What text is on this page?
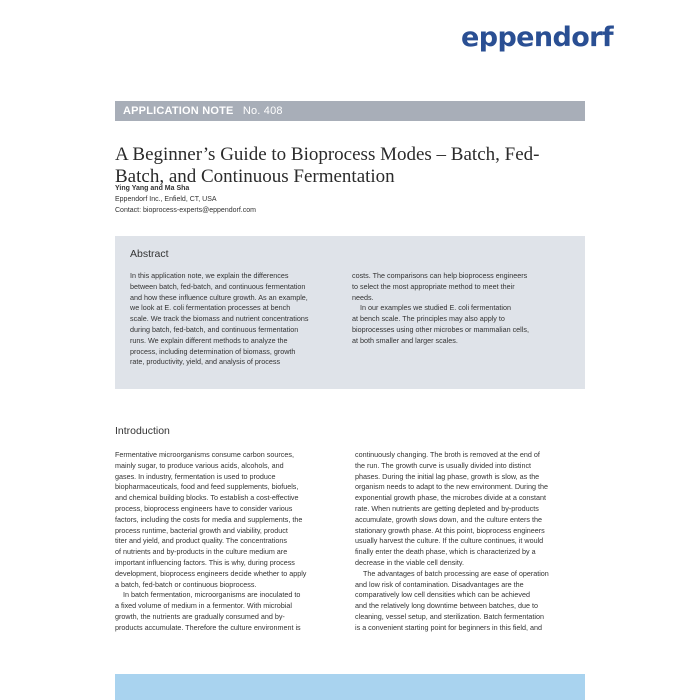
eppendorf
APPLICATION NOTE No. 408
A Beginner’s Guide to Bioprocess Modes – Batch, Fed-Batch, and Continuous Fermentation
Ying Yang and Ma Sha
Eppendorf Inc., Enfield, CT, USA
Contact: bioprocess-experts@eppendorf.com
Abstract

In this application note, we explain the differences

between batch, fed-batch, and continuous fermentation

and how these influence culture growth. As an example,

we look at E. coli fermentation processes at bench

scale. We track the biomass and nutrient concentrations

during batch, fed-batch, and continuous fermentation

runs. We explain different methods to analyze the

process, including determination of biomass, growth

rate, productivity, yield, and analysis of process

costs. The comparisons can help bioprocess engineers

to select the most appropriate method to meet their

needs.

In our examples we studied E. coli fermentation

at bench scale. The principles may also apply to

bioprocesses using other microbes or mammalian cells,

at both smaller and larger scales.

Introduction

Fermentative microorganisms consume carbon sources,

mainly sugar, to produce various acids, alcohols, and

gases. In industry, fermentation is used to produce

biopharmaceuticals, food and feed supplements, biofuels,

and chemical building blocks. To establish a cost-effective

process, bioprocess engineers have to consider various

factors, including the costs for media and supplements, the

process runtime, bacterial growth and viability, product

titer and yield, and product quality. The concentrations

of nutrients and by-products in the culture medium are

important influencing factors. This is why, during process

development, bioprocess engineers decide whether to apply

a batch, fed-batch or continuous bioprocess.

In batch fermentation, microorganisms are inoculated to

a fixed volume of medium in a fermentor. With microbial

growth, the nutrients are gradually consumed and by-

products accumulate. Therefore the culture environment is

continuously changing. The broth is removed at the end of

the run. The growth curve is usually divided into distinct

phases. During the initial lag phase, growth is slow, as the

organism needs to adapt to the new environment. During the

exponential growth phase, the microbes divide at a constant

rate. When nutrients are getting depleted and by-products

accumulate, growth slows down, and the culture enters the

stationary growth phase. At this point, bioprocess engineers

usually harvest the culture. If the culture continues, it would

finally enter the death phase, which is characterized by a

decrease in the viable cell density.

The advantages of batch processing are ease of operation

and low risk of contamination. Disadvantages are the

comparatively low cell densities which can be achieved

and the relatively long downtime between batches, due to

cleaning, vessel setup, and sterilization. Batch fermentation

is a convenient starting point for beginners in this field, and
